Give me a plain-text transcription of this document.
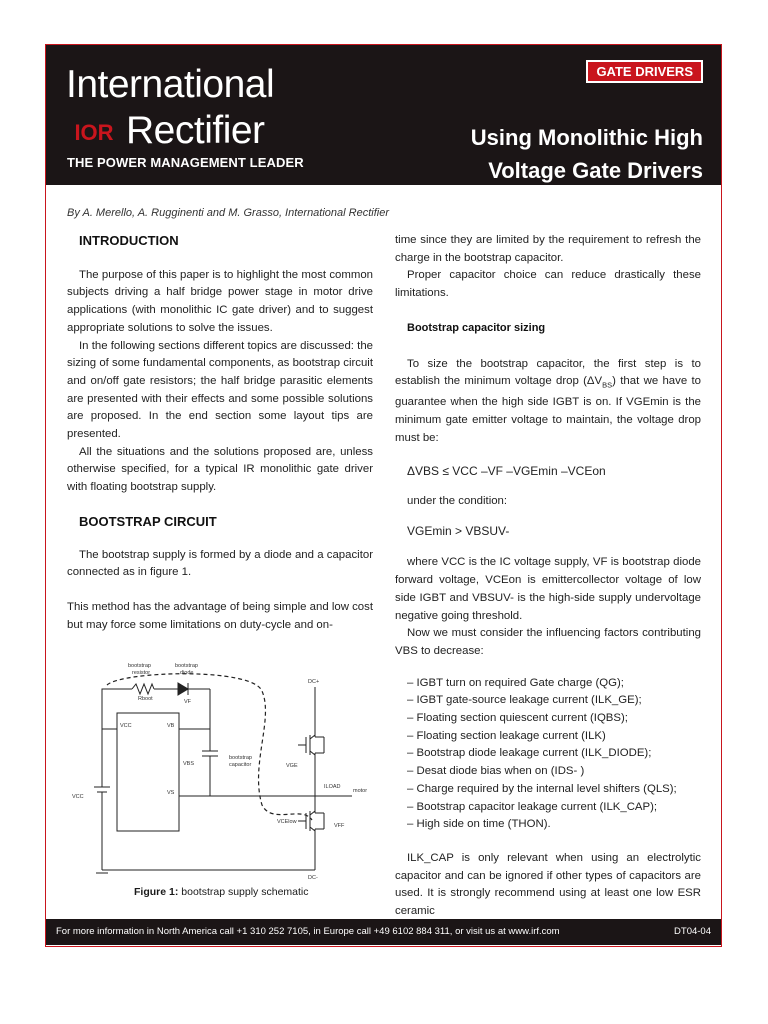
International
IOR Rectifier
THE POWER MANAGEMENT LEADER
GATE DRIVERS
Using Monolithic High
Voltage Gate Drivers
By A. Merello, A. Rugginenti and M. Grasso, International Rectifier
INTRODUCTION

The purpose of this paper is to highlight the most common subjects driving a half bridge power stage in motor drive applications (with monolithic IC gate driver) and to suggest appropriate solutions to solve the issues.

In the following sections different topics are discussed: the sizing of some fundamental components, as bootstrap circuit and on/off gate resistors; the half bridge parasitic elements are presented with their effects and some possible solutions are proposed. In the end section some layout tips are presented.

All the situations and the solutions proposed are, unless otherwise specified, for a typical IR monolithic gate driver with floating bootstrap supply.

BOOTSTRAP CIRCUIT

The bootstrap supply is formed by a diode and a capacitor connected as in figure 1.

This method has the advantage of being simple and low cost but may force some limitations on duty-cycle and on-

bootstrap
resistor
bootstrap
diode
Rboot	VF
VCC	VB
VS
VBS
bootstrap
capacitor	VGE
ILOAD
motor
DC+
DC-
VCC
VCElow
VFF
Figure 1: bootstrap supply schematic

time since they are limited by the requirement to refresh the charge in the bootstrap capacitor.

Proper capacitor choice can reduce drastically these limitations.

Bootstrap capacitor sizing

To size the bootstrap capacitor, the first step is to establish the minimum voltage drop $(\Delta V_{BS})$ that we have to guarantee when the high side IGBT is on. If VGEmin is the minimum gate emitter voltage to maintain, the voltage drop must be:

ΔVBS ≤ VCC –VF –VGEmin –VCEon

under the condition:

VGEmin > VBSUV-

where VCC is the IC voltage supply, VF is bootstrap diode forward voltage, VCEon is emittercollector voltage of low side IGBT and VBSUV- is the high-side supply undervoltage negative going threshold.

Now we must consider the influencing factors contributing VBS to decrease:

– IGBT turn on required Gate charge (QG);
– IGBT gate-source leakage current (ILK_GE);
– Floating section quiescent current (IQBS);
– Floating section leakage current (ILK)
– Bootstrap diode leakage current (ILK_DIODE);
– Desat diode bias when on (IDS- )
– Charge required by the internal level shifters (QLS);
– Bootstrap capacitor leakage current (ILK_CAP);
– High side on time (THON).

ILK_CAP is only relevant when using an electrolytic capacitor and can be ignored if other types of capacitors are used. It is strongly recommend using at least one low ESR ceramic

For more information in North America call +1 310 252 7105, in Europe call +49 6102 884 311, or visit us at www.irf.com	DT04-04
